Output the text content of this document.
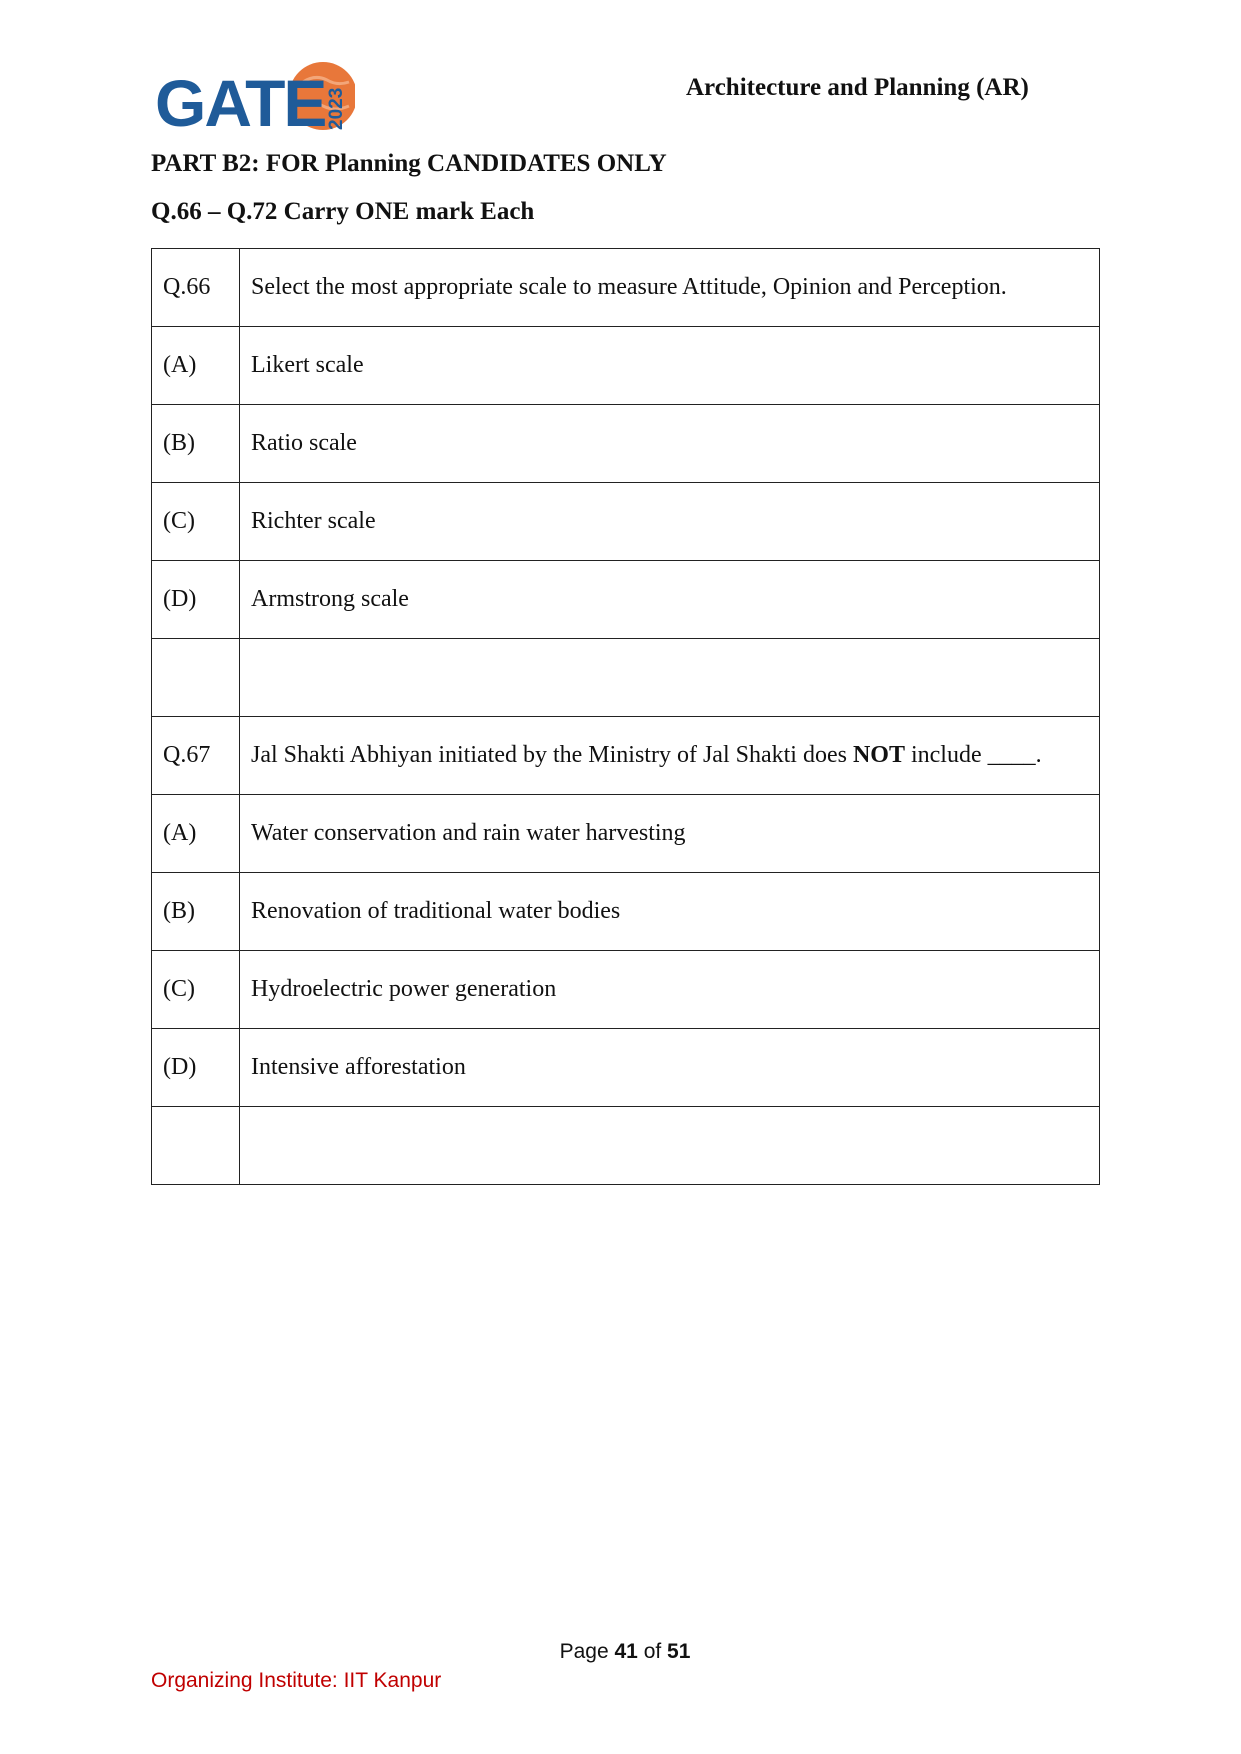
GATE 2023
Architecture and Planning (AR)
PART B2: FOR Planning CANDIDATES ONLY
Q.66 – Q.72 Carry ONE mark Each
Q.66	Select the most appropriate scale to measure Attitude, Opinion and Perception.
(A)	Likert scale
(B)	Ratio scale
(C)	Richter scale
(D)	Armstrong scale

Q.67	Jal Shakti Abhiyan initiated by the Ministry of Jal Shakti does NOT include ____.
(A)	Water conservation and rain water harvesting
(B)	Renovation of traditional water bodies
(C)	Hydroelectric power generation
(D)	Intensive afforestation

Page 41 of 51
Organizing Institute: IIT Kanpur
